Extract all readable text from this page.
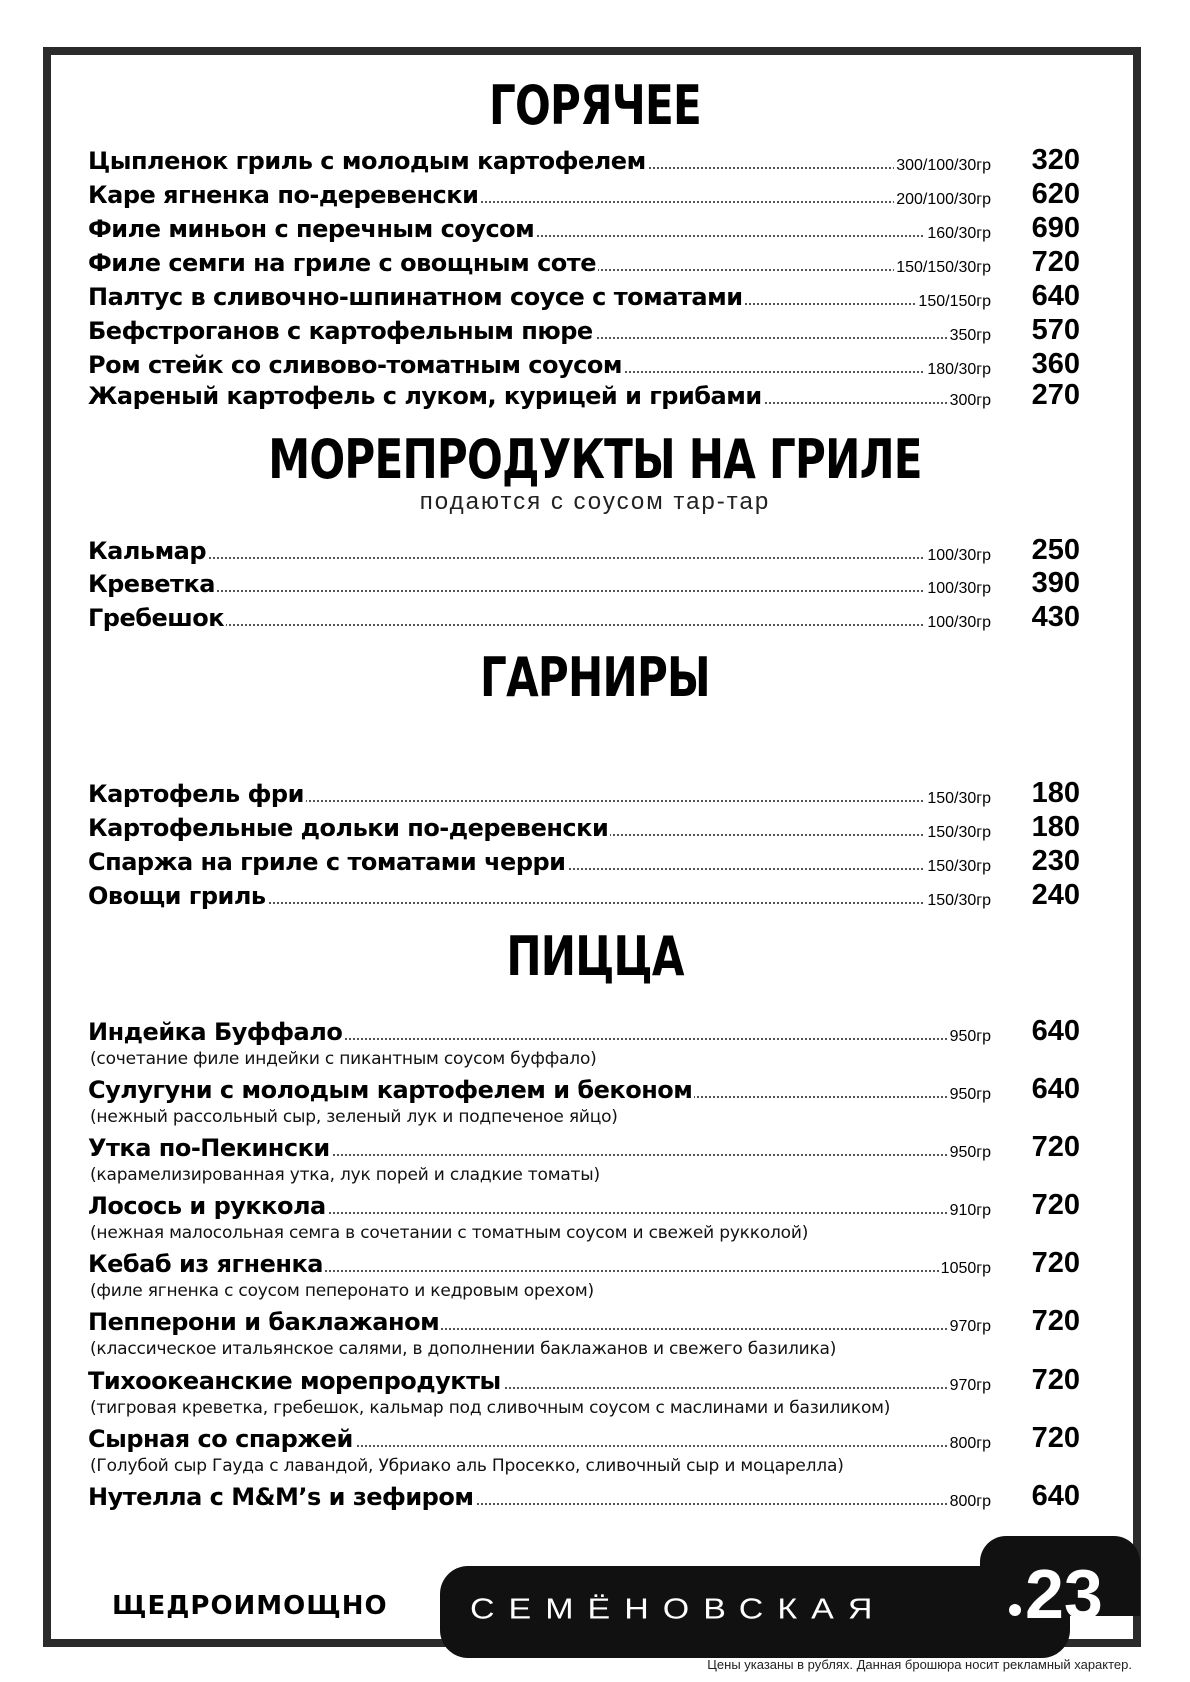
ГОРЯЧЕЕ
Цыпленок гриль с молодым картофелем	300/100/30гр	320
Каре ягненка по-деревенски	200/100/30гр	620
Филе миньон с перечным соусом	160/30гр	690
Филе семги на гриле с овощным соте	150/150/30гр	720
Палтус в сливочно-шпинатном соусе с томатами	150/150гр	640
Бефстроганов с картофельным пюре	350гр	570
Ром стейк со сливово-томатным соусом	180/30гр	360
Жареный картофель с луком, курицей и грибами	300гр	270
МОРЕПРОДУКТЫ НА ГРИЛЕ
подаются с соусом тар-тар
Кальмар	100/30гр	250
Креветка	100/30гр	390
Гребешок	100/30гр	430
ГАРНИРЫ
Картофель фри	150/30гр	180
Картофельные дольки по-деревенски	150/30гр	180
Спаржа на гриле с томатами черри	150/30гр	230
Овощи гриль	150/30гр	240
ПИЦЦА
Индейка Буффало	950гр	640
(сочетание филе индейки с пикантным соусом буффало)
Сулугуни с молодым картофелем и беконом	950гр	640
(нежный рассольный сыр, зеленый лук и подпеченое яйцо)
Утка по-Пекински	950гр	720
(карамелизированная утка, лук порей и сладкие томаты)
Лосось и руккола	910гр	720
(нежная малосольная семга в сочетании с томатным соусом и свежей рукколой)
Кебаб из ягненка	1050гр	720
(филе ягненка с соусом пеперонато и кедровым орехом)
Пепперони и баклажаном	970гр	720
(классическое итальянское салями, в дополнении баклажанов и свежего базилика)
Тихоокеанские морепродукты	970гр	720
(тигровая креветка, гребешок, кальмар под сливочным соусом с маслинами и базиликом)
Сырная со спаржей	800гр	720
(Голубой сыр Гауда с лавандой, Убриако аль Просекко, сливочный сыр и моцарелла)
Нутелла с M&M’s и зефиром	800гр	640
ЩЕДРОИМОЩНО СЕМЁНОВСКАЯ	23
Цены указаны в рублях. Данная брошюра носит рекламный характер.
